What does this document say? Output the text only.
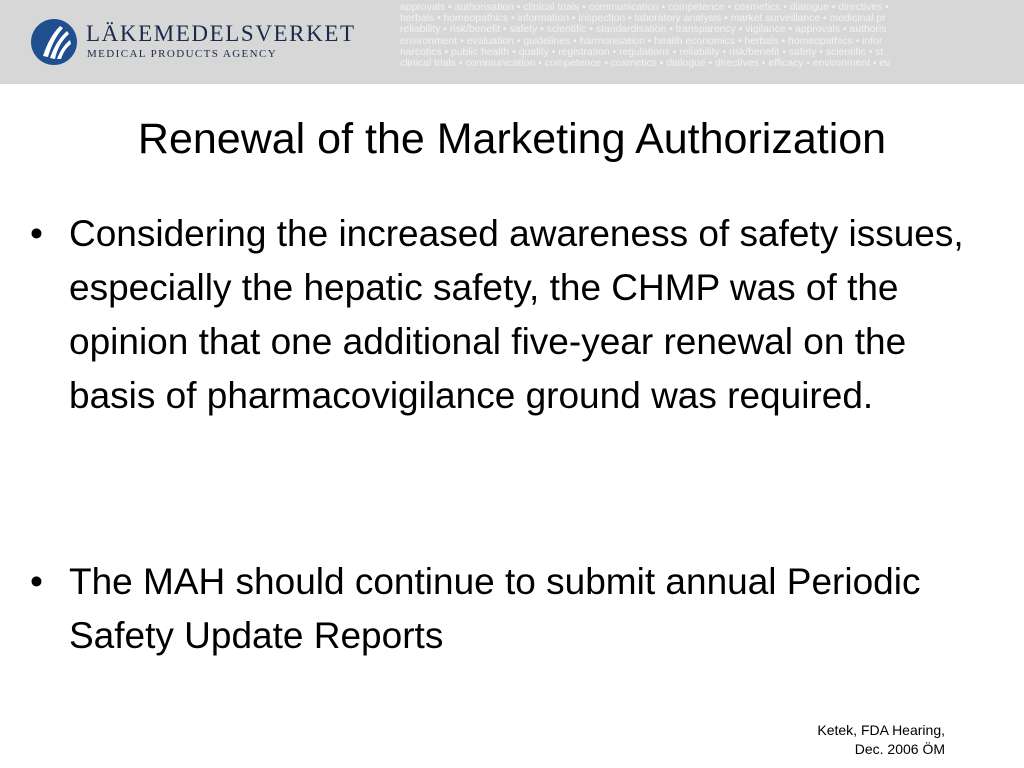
LÄKEMEDELSVERKET
MEDICAL PRODUCTS AGENCY
approvals • authorisation • clinical trials • communication • competence • cosmetics • dialogue • directives •
herbals • homeopathics • information • inspection • laboratory analysis • market surveillance • medicinal pr
reliability • risk/benefit • safety • scientific • standardisation • transparency • vigilance • approvals • authoris
environment • evaluation • guidelines • harmonisation • health economics • herbals • homeopathics • infor
narcotics • public health • quality • registration • regulations • reliability • risk/benefit • safety • scientific • st
clinical trials • communication • competence • cosmetics • dialogue • directives • efficacy • environment • ev
Renewal of the Marketing Authorization
• Considering the increased awareness of safety issues, especially the hepatic safety, the CHMP was of the opinion that one additional five-year renewal on the basis of pharmacovigilance ground was required.
• The MAH should continue to submit annual Periodic Safety Update Reports
Ketek, FDA Hearing,
Dec. 2006 ÖM
